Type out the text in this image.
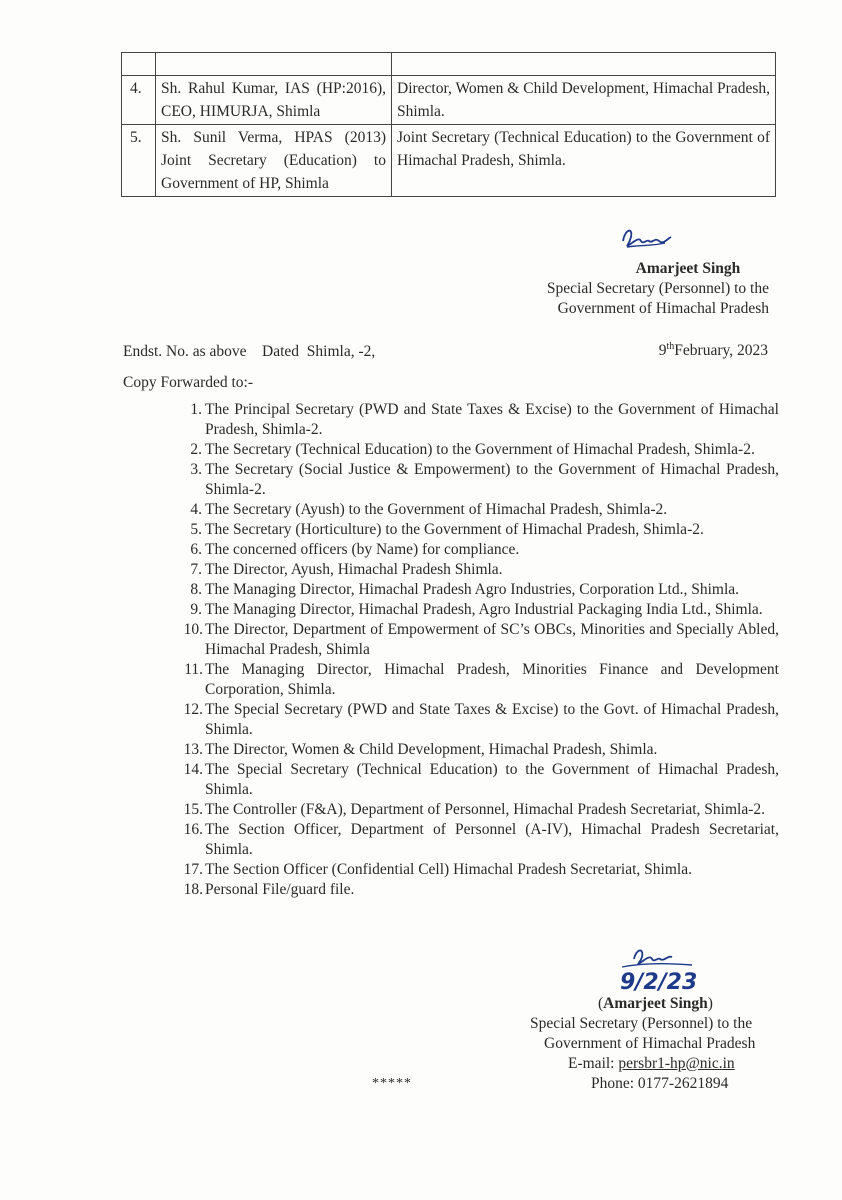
4.	Sh. Rahul Kumar, IAS (HP:2016), CEO, HIMURJA, Shimla	Director, Women & Child Development, Himachal Pradesh, Shimla.
5.	Sh. Sunil Verma, HPAS (2013) Joint Secretary (Education) to Government of HP, Shimla	Joint Secretary (Technical Education) to the Government of Himachal Pradesh, Shimla.
Amarjeet Singh
Special Secretary (Personnel) to the
Government of Himachal Pradesh
Endst. No. as above    Dated  Shimla, -2,	9thFebruary, 2023
Copy Forwarded to:-
1. The Principal Secretary (PWD and State Taxes & Excise) to the Government of Himachal Pradesh, Shimla-2.
2. The Secretary (Technical Education) to the Government of Himachal Pradesh, Shimla-2.
3. The Secretary (Social Justice & Empowerment) to the Government of Himachal Pradesh, Shimla-2.
4. The Secretary (Ayush) to the Government of Himachal Pradesh, Shimla-2.
5. The Secretary (Horticulture) to the Government of Himachal Pradesh, Shimla-2.
6. The concerned officers (by Name) for compliance.
7. The Director, Ayush, Himachal Pradesh Shimla.
8. The Managing Director, Himachal Pradesh Agro Industries, Corporation Ltd., Shimla.
9. The Managing Director, Himachal Pradesh, Agro Industrial Packaging India Ltd., Shimla.
10. The Director, Department of Empowerment of SC’s OBCs, Minorities and Specially Abled, Himachal Pradesh, Shimla
11. The Managing Director, Himachal Pradesh, Minorities Finance and Development Corporation, Shimla.
12. The Special Secretary (PWD and State Taxes & Excise) to the Govt. of Himachal Pradesh, Shimla.
13. The Director, Women & Child Development, Himachal Pradesh, Shimla.
14. The Special Secretary (Technical Education) to the Government of Himachal Pradesh, Shimla.
15. The Controller (F&A), Department of Personnel, Himachal Pradesh Secretariat, Shimla-2.
16. The Section Officer, Department of Personnel (A-IV), Himachal Pradesh Secretariat, Shimla.
17. The Section Officer (Confidential Cell) Himachal Pradesh Secretariat, Shimla.
18. Personal File/guard file.
9/2/23
(Amarjeet Singh)
Special Secretary (Personnel) to the
Government of Himachal Pradesh
E-mail: persbr1-hp@nic.in
Phone: 0177-2621894
*****
